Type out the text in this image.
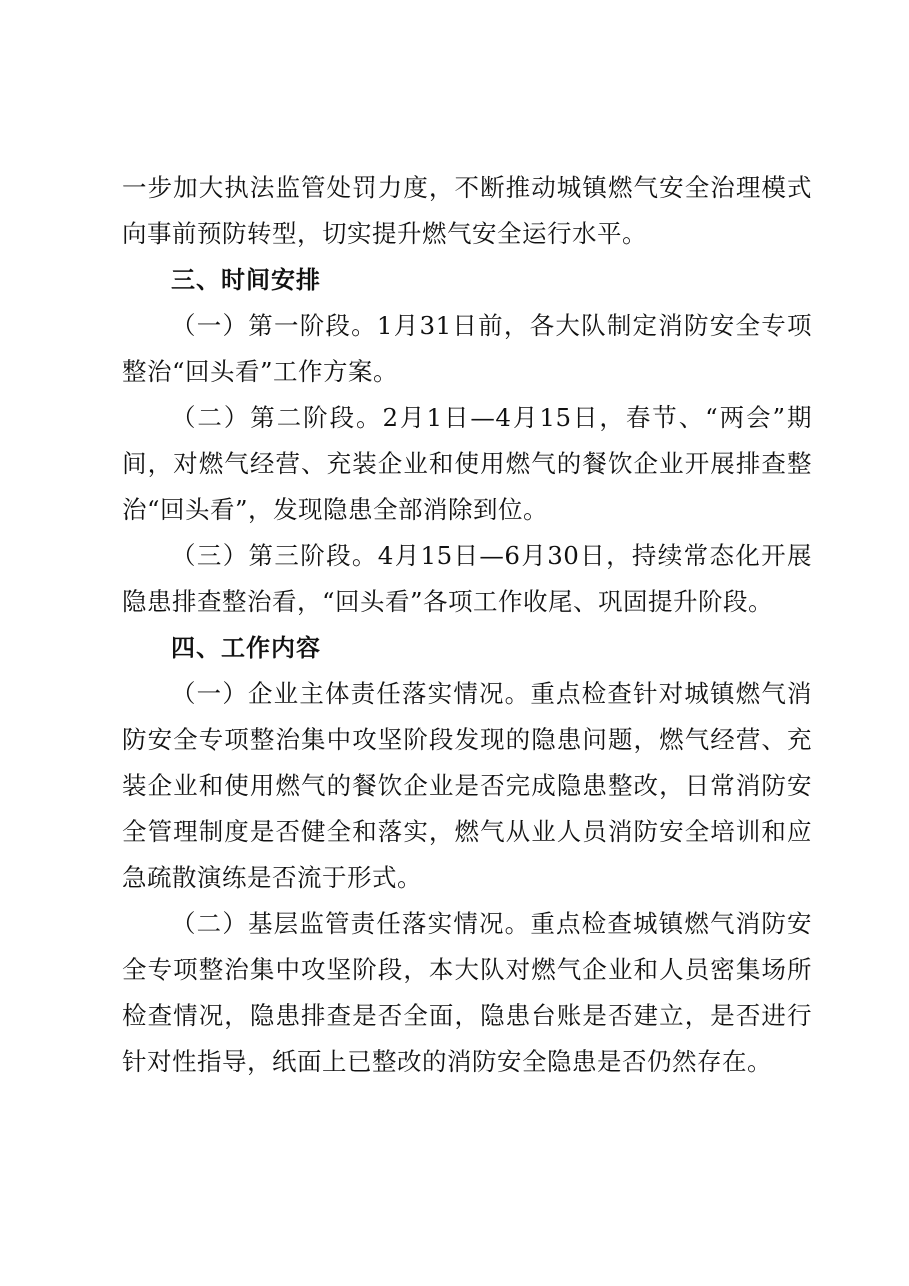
一步加大执法监管处罚力度，不断推动城镇燃气安全治理模式向事前预防转型，切实提升燃气安全运行水平。

三、时间安排

（一）第一阶段。1月31日前，各大队制定消防安全专项整治“回头看”工作方案。

（二）第二阶段。2月1日—4月15日，春节、“两会”期间，对燃气经营、充装企业和使用燃气的餐饮企业开展排查整治“回头看”，发现隐患全部消除到位。

（三）第三阶段。4月15日—6月30日，持续常态化开展隐患排查整治看，“回头看”各项工作收尾、巩固提升阶段。

四、工作内容

（一）企业主体责任落实情况。重点检查针对城镇燃气消防安全专项整治集中攻坚阶段发现的隐患问题，燃气经营、充装企业和使用燃气的餐饮企业是否完成隐患整改，日常消防安全管理制度是否健全和落实，燃气从业人员消防安全培训和应急疏散演练是否流于形式。

（二）基层监管责任落实情况。重点检查城镇燃气消防安全专项整治集中攻坚阶段，本大队对燃气企业和人员密集场所检查情况，隐患排查是否全面，隐患台账是否建立，是否进行针对性指导，纸面上已整改的消防安全隐患是否仍然存在。
